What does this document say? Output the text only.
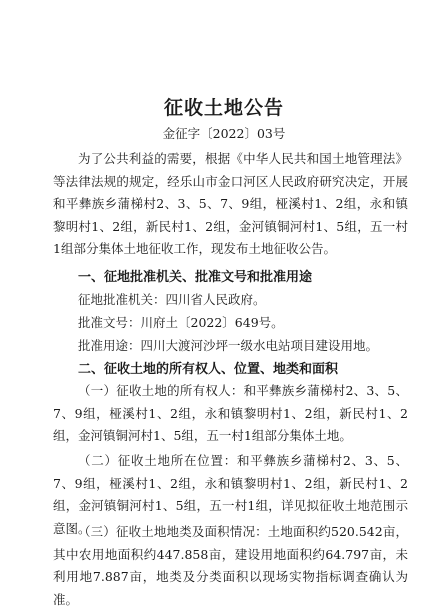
征收土地公告
金征字〔2022〕03号

为了公共利益的需要，根据《中华人民共和国土地管理法》等法律法规的规定，经乐山市金口河区人民政府研究决定，开展和平彝族乡蒲梯村2、3、5、7、9组，桠溪村1、2组，永和镇黎明村1、2组，新民村1、2组，金河镇铜河村1、5组，五一村1组部分集体土地征收工作，现发布土地征收公告。

一、征地批准机关、批准文号和批准用途
征地批准机关：四川省人民政府。
批准文号：川府土〔2022〕649号。
批准用途：四川大渡河沙坪一级水电站项目建设用地。
二、征收土地的所有权人、位置、地类和面积

（一）征收土地的所有权人：和平彝族乡蒲梯村2、3、5、7、9组，桠溪村1、2组，永和镇黎明村1、2组，新民村1、2组，金河镇铜河村1、5组，五一村1组部分集体土地。

（二）征收土地所在位置：和平彝族乡蒲梯村2、3、5、7、9组，桠溪村1、2组，永和镇黎明村1、2组，新民村1、2组，金河镇铜河村1、5组，五一村1组，详见拟征收土地范围示意图。

（三）征收土地地类及面积情况：土地面积约520.542亩，其中农用地面积约447.858亩，建设用地面积约64.797亩，未利用地7.887亩，地类及分类面积以现场实物指标调查确认为准。
